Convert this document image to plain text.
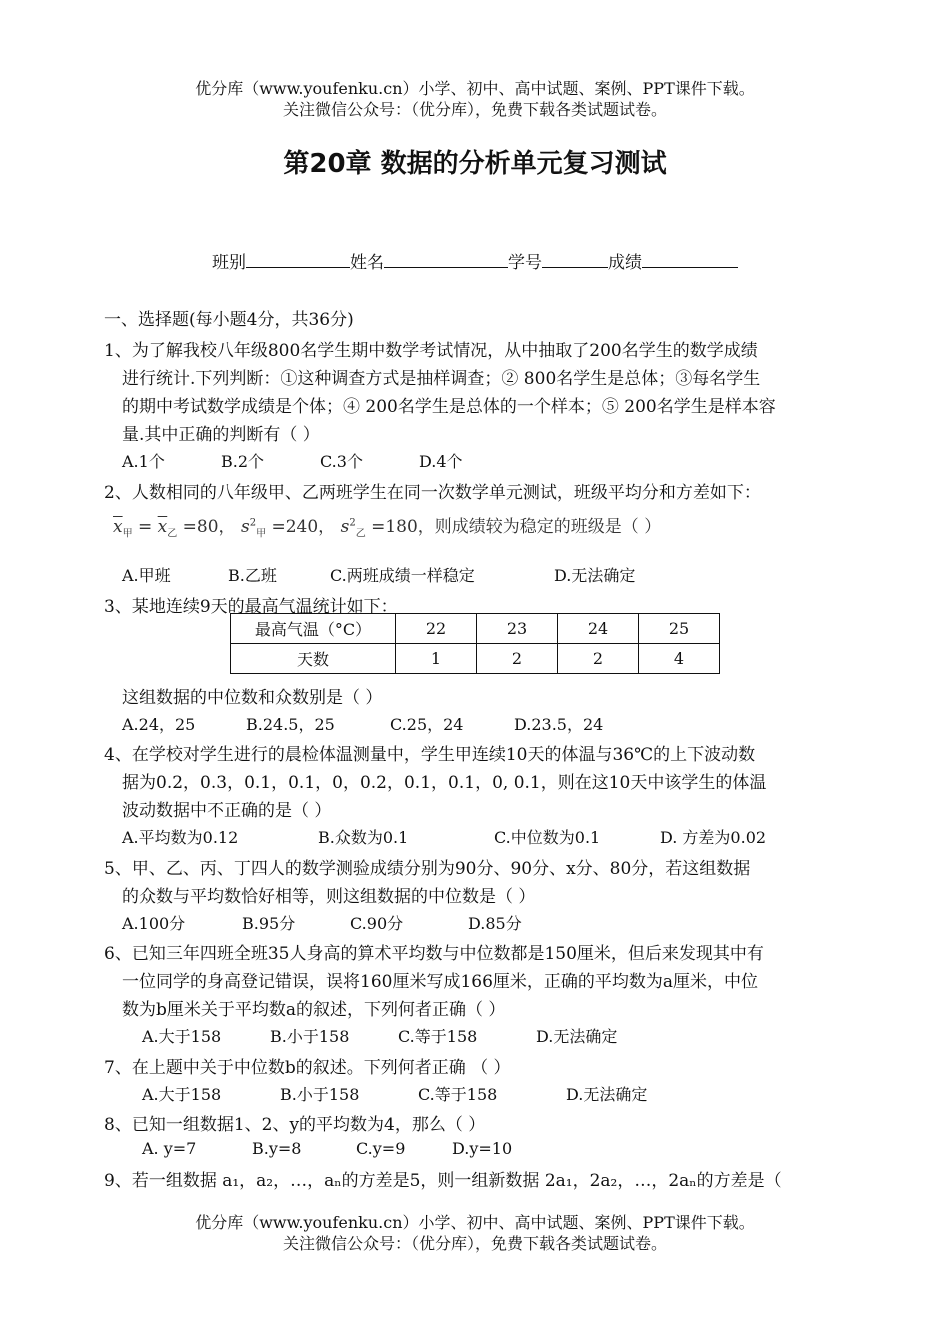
优分库（www.youfenku.cn）小学、初中、高中试题、案例、PPT课件下载。
关注微信公众号：（优分库），免费下载各类试题试卷。
第20章 数据的分析单元复习测试
班别	姓名	学号	成绩
一、选择题(每小题4分，共36分)
1、为了解我校八年级800名学生期中数学考试情况，从中抽取了200名学生的数学成绩
进行统计.下列判断：①这种调查方式是抽样调查；② 800名学生是总体；③每名学生
的期中考试数学成绩是个体；④ 200名学生是总体的一个样本；⑤ 200名学生是样本容
量.其中正确的判断有（ ）
A.1个	B.2个	C.3个	D.4个
2、人数相同的八年级甲、乙两班学生在同一次数学单元测试，班级平均分和方差如下：
$\overline{x}_甲 = \overline{x}_乙 =80$， $s^2_甲 =240$， $s^2_乙 =180$，则成绩较为稳定的班级是（ ）
A.甲班	B.乙班	C.两班成绩一样稳定	D.无法确定
3、某地连续9天的最高气温统计如下：
最高气温（°C）	22	23	24	25
天数	1	2	2	4
这组数据的中位数和众数别是（ ）
A.24，25	B.24.5，25	C.25，24	D.23.5，24
4、在学校对学生进行的晨检体温测量中，学生甲连续10天的体温与36℃的上下波动数
据为0.2，0.3，0.1，0.1，0，0.2，0.1，0.1，0, 0.1，则在这10天中该学生的体温
波动数据中不正确的是（ ）
A.平均数为0.12	B.众数为0.1	C.中位数为0.1	D. 方差为0.02
5、甲、乙、丙、丁四人的数学测验成绩分别为90分、90分、x分、80分，若这组数据
的众数与平均数恰好相等，则这组数据的中位数是（ ）
A.100分	B.95分	C.90分	D.85分
6、已知三年四班全班35人身高的算术平均数与中位数都是150厘米，但后来发现其中有
一位同学的身高登记错误，误将160厘米写成166厘米，正确的平均数为a厘米，中位
数为b厘米关于平均数a的叙述，下列何者正确（ ）
A.大于158	B.小于158	C.等于158	D.无法确定
7、在上题中关于中位数b的叙述。下列何者正确 （ ）
A.大于158	B.小于158	C.等于158	D.无法确定
8、已知一组数据1、2、y的平均数为4，那么（ ）
A. y=7	B.y=8	C.y=9	D.y=10
9、若一组数据 a₁，a₂，…，aₙ的方差是5，则一组新数据 2a₁，2a₂，…，2aₙ的方差是（
优分库（www.youfenku.cn）小学、初中、高中试题、案例、PPT课件下载。
关注微信公众号：（优分库），免费下载各类试题试卷。
